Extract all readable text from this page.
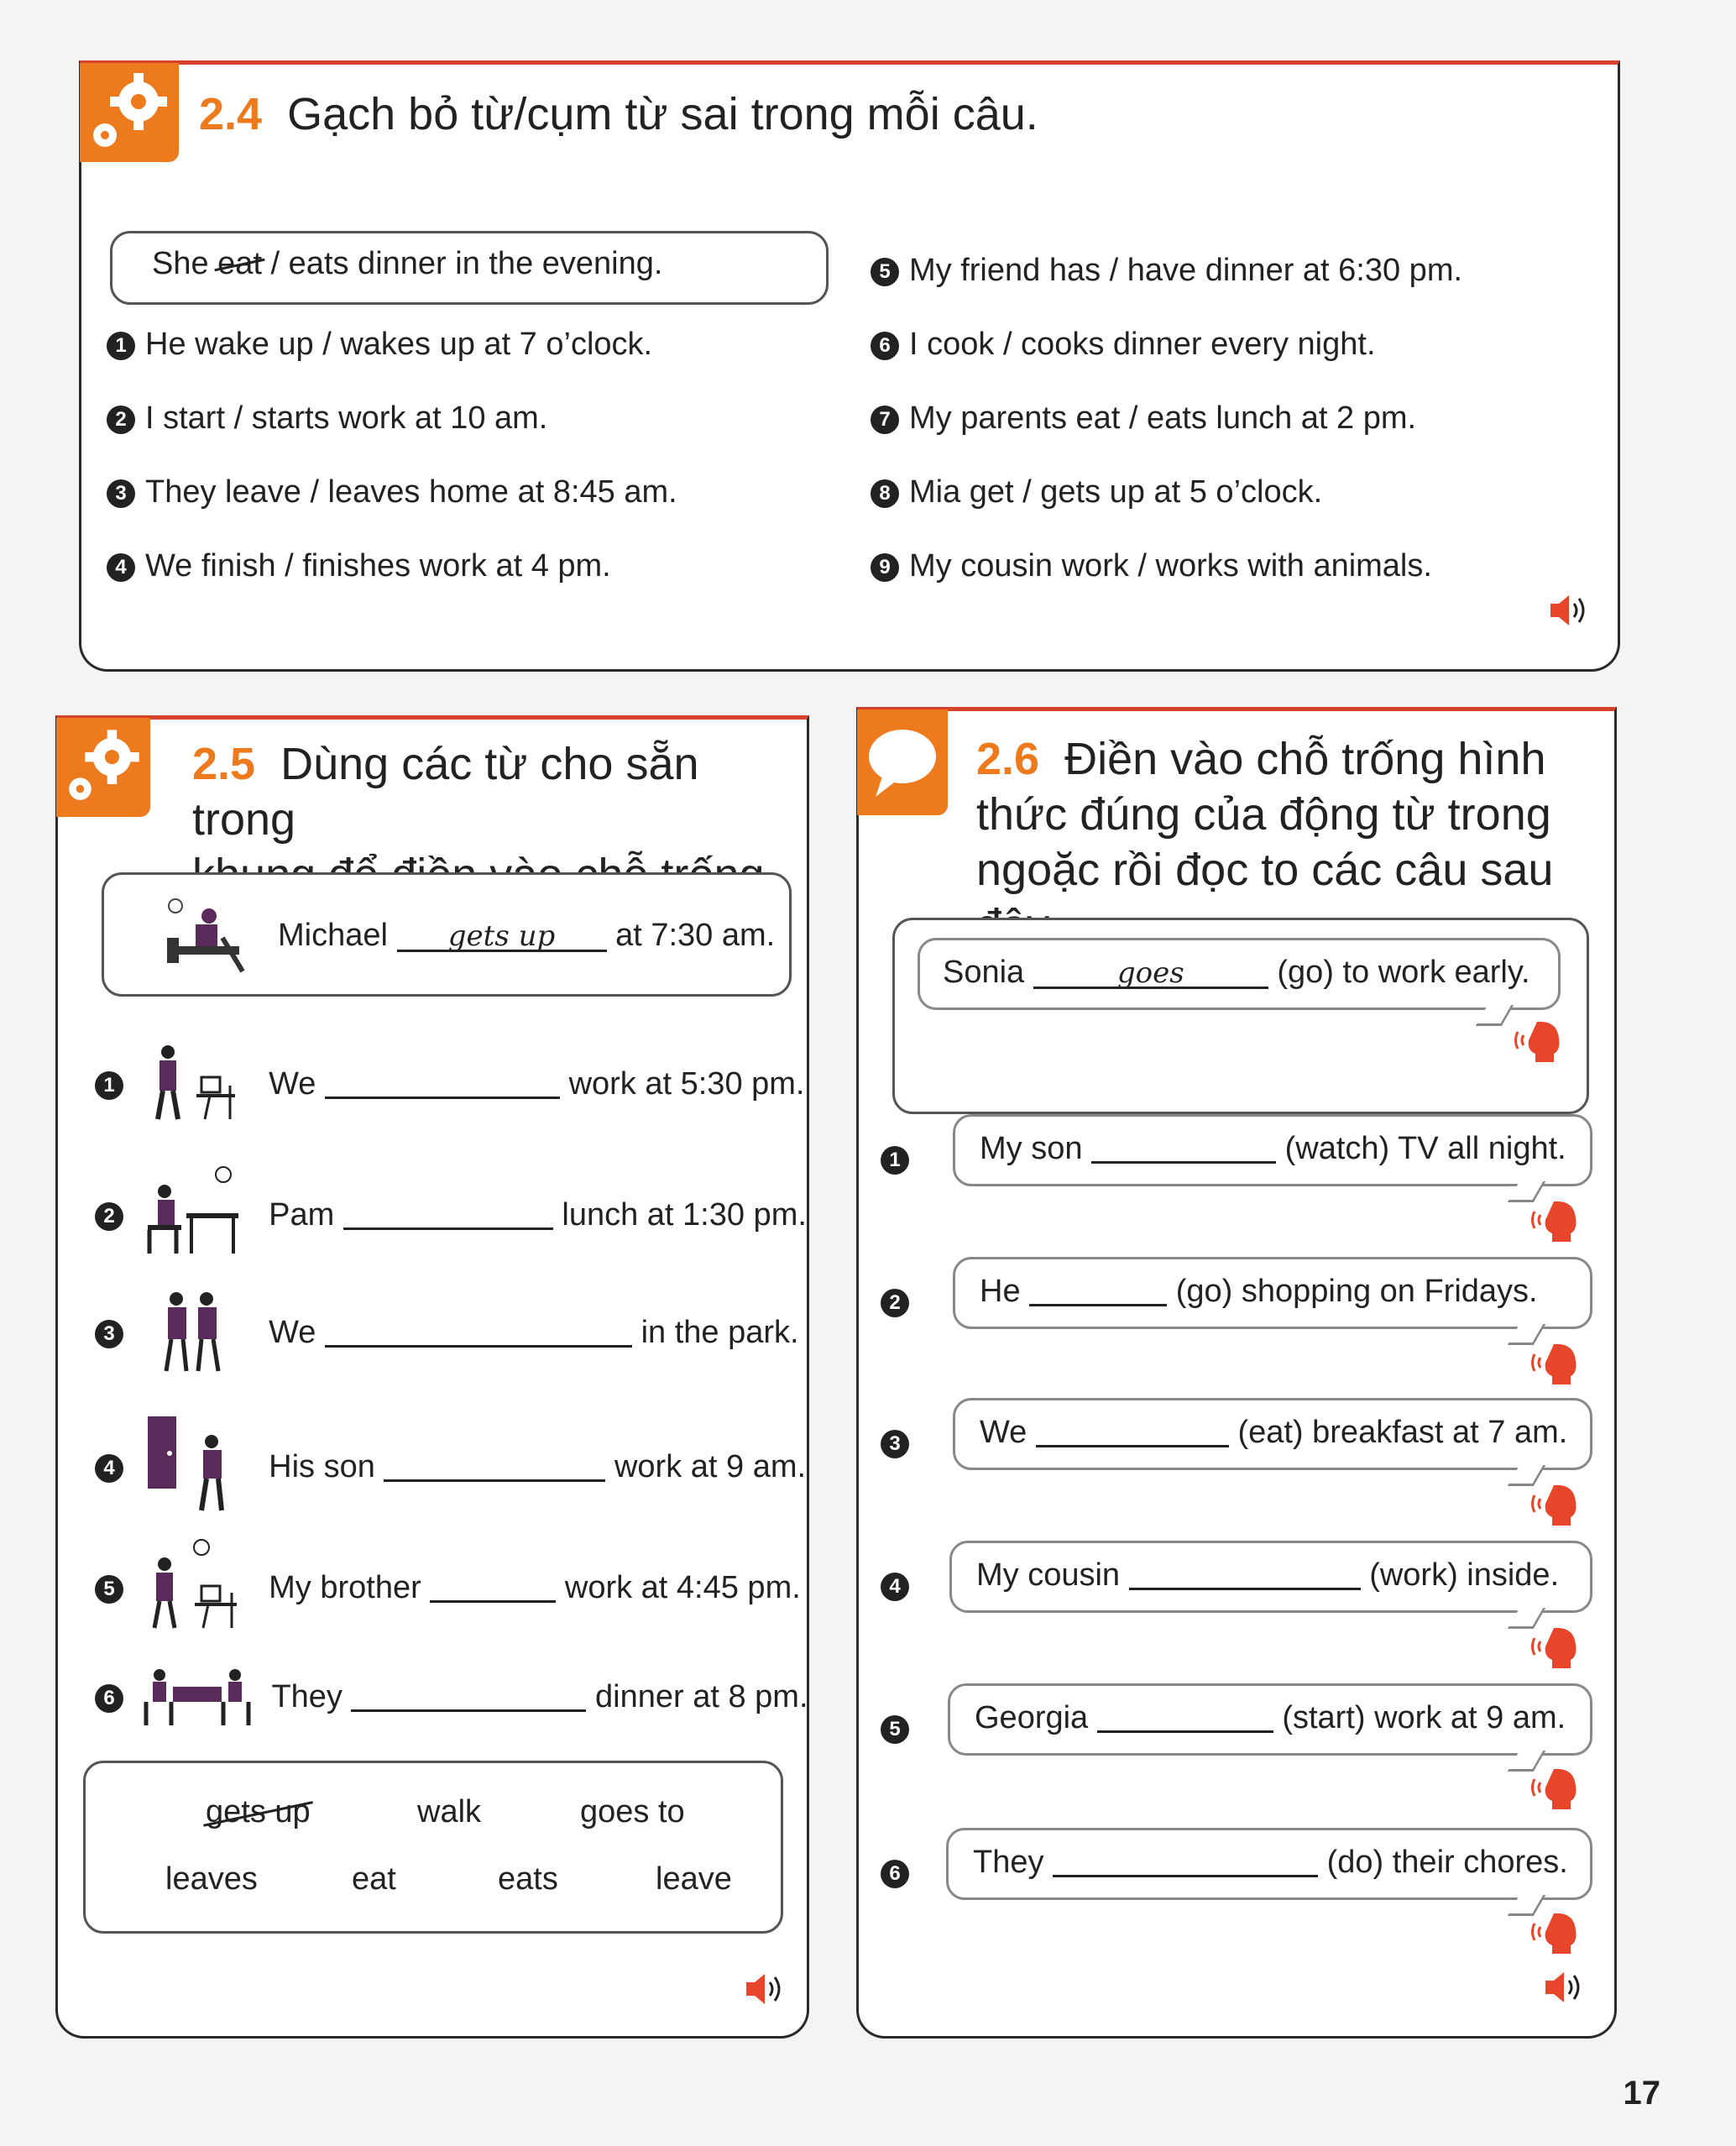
2.4 Gạch bỏ từ/cụm từ sai trong mỗi câu.
She eat / eats dinner in the evening.
1 He wake up / wakes up at 7 o’clock.
2 I start / starts work at 10 am.
3 They leave / leaves home at 8:45 am.
4 We finish / finishes work at 4 pm.
5 My friend has / have dinner at 6:30 pm.
6 I cook / cooks dinner every night.
7 My parents eat / eats lunch at 2 pm.
8 Mia get / gets up at 5 o’clock.
9 My cousin work / works with animals.
2.5 Dùng các từ cho sẵn trong

Michael gets up at 7:30 am.
1	We	work at 5:30 pm.
2	Pam	lunch at 1:30 pm.
3	We	in the park.
4	His son	work at 9 am.
5	My brother	work at 4:45 pm.
6	They	dinner at 8 pm.
gets up	walk	goes to
leaves	eat	eats	leave
2.6 Điền vào chỗ trống hình
thức đúng của động từ trong
ngoặc rồi đọc to các câu sau
Sonia	goes	(go) to work early.
1	My son	(watch) TV all night.
2	He	(go) shopping on Fridays.
3	We	(eat) breakfast at 7 am.
4	My cousin	(work) inside.
5	Georgia	(start) work at 9 am.
6	They	(do) their chores.
17
